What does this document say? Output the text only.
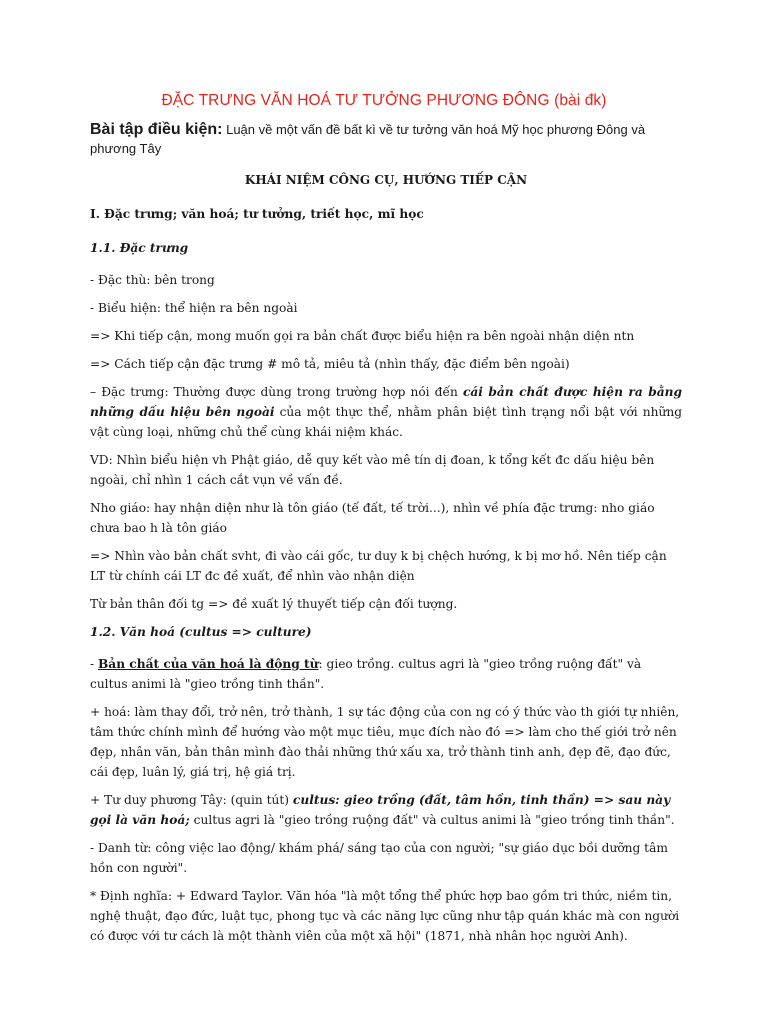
ĐẶC TRƯNG VĂN HOÁ TƯ TƯỞNG PHƯƠNG ĐÔNG (bài đk)
Bài tập điều kiện: Luận về một vấn đề bất kì về tư tưởng văn hoá Mỹ học phương Đông và phương Tây
KHÁI NIỆM CÔNG CỤ, HƯỚNG TIẾP CẬN
I. Đặc trưng; văn hoá; tư tưởng, triết học, mĩ học
1.1. Đặc trưng

- Đặc thù: bên trong

- Biểu hiện: thể hiện ra bên ngoài

=> Khi tiếp cận, mong muốn gọi ra bản chất được biểu hiện ra bên ngoài nhận diện ntn

=> Cách tiếp cận đặc trưng # mô tả, miêu tả (nhìn thấy, đặc điểm bên ngoài)

– Đặc trưng: Thường được dùng trong trường hợp nói đến cái bản chất được hiện ra bằng những dấu hiệu bên ngoài của một thực thể, nhằm phân biệt tình trạng nổi bật với những vật cùng loại, những chủ thể cùng khái niệm khác.

VD: Nhìn biểu hiện vh Phật giáo, dễ quy kết vào mê tín dị đoan, k tổng kết đc dấu hiệu bên ngoài, chỉ nhìn 1 cách cắt vụn về vấn đề.

Nho giáo: hay nhận diện như là tôn giáo (tế đất, tế trời...), nhìn về phía đặc trưng: nho giáo chưa bao h là tôn giáo

=> Nhìn vào bản chất svht, đi vào cái gốc, tư duy k bị chệch hướng, k bị mơ hồ. Nên tiếp cận LT từ chính cái LT đc đề xuất, để nhìn vào nhận diện

Từ bản thân đối tg => đề xuất lý thuyết tiếp cận đối tượng.

1.2. Văn hoá (cultus => culture)

- Bản chất của văn hoá là động từ: gieo trồng. cultus agri là "gieo trồng ruộng đất" và cultus animi là "gieo trồng tinh thần".

+ hoá: làm thay đổi, trở nên, trở thành, 1 sự tác động của con ng có ý thức vào th giới tự nhiên, tâm thức chính mình để hướng vào một mục tiêu, mục đích nào đó => làm cho thế giới trở nên đẹp, nhân văn, bản thân mình đào thải những thứ xấu xa, trở thành tinh anh, đẹp đẽ, đạo đức, cái đẹp, luân lý, giá trị, hệ giá trị.

+ Tư duy phương Tây: (quin tút) cultus: gieo trồng (đất, tâm hồn, tinh thần) => sau này gọi là văn hoá; cultus agri là "gieo trồng ruộng đất" và cultus animi là "gieo trồng tinh thần".

- Danh từ: công việc lao động/ khám phá/ sáng tạo của con người; "sự giáo dục bồi dưỡng tâm hồn con người".

* Định nghĩa: + Edward Taylor. Văn hóa "là một tổng thể phức hợp bao gồm tri thức, niềm tin, nghệ thuật, đạo đức, luật tục, phong tục và các năng lực cũng như tập quán khác mà con người có được với tư cách là một thành viên của một xã hội" (1871, nhà nhân học người Anh).
